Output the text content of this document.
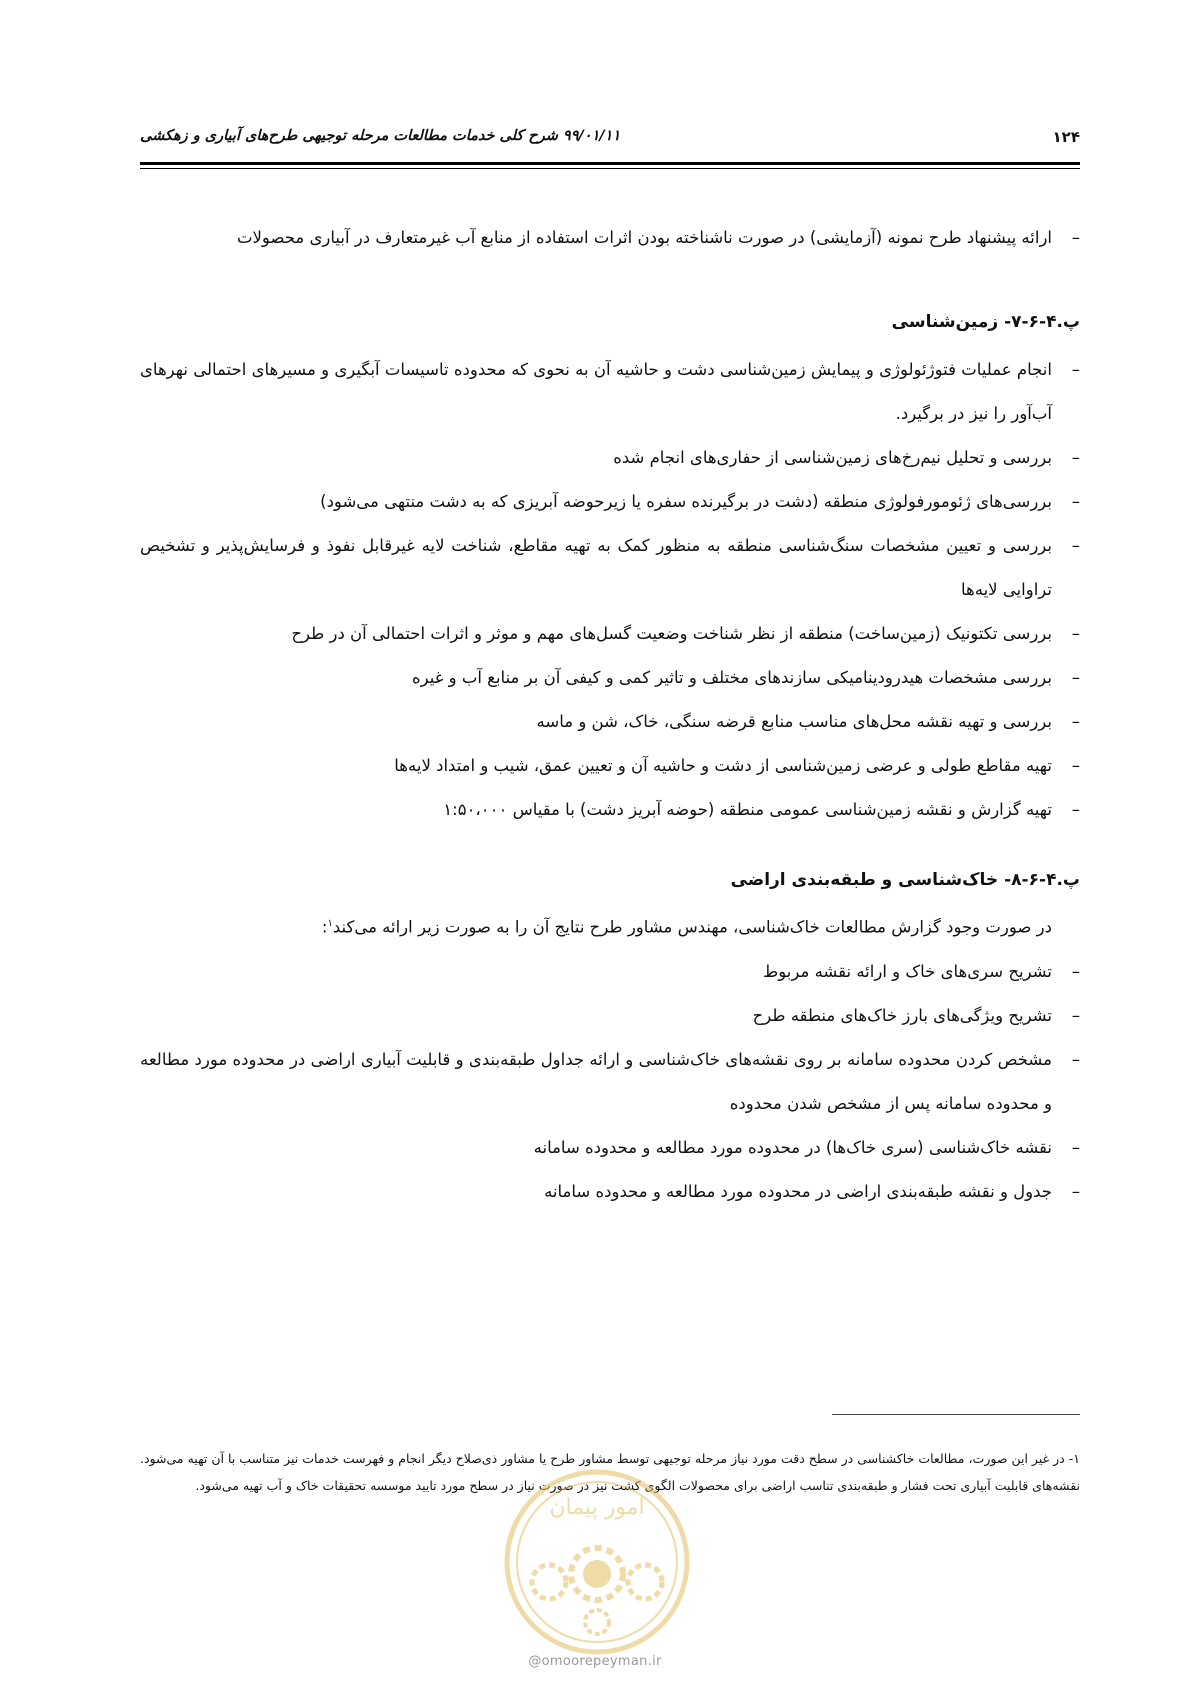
۱۲۴
۹۹/۰۱/۱۱ شرح کلی خدمات مطالعات مرحله توجیهی طرح‌های آبیاری و زهکشی
–
ارائه پیشنهاد طرح نمونه (آزمایشی) در صورت ناشناخته بودن اثرات استفاده از منابع آب غیرمتعارف در آبیاری محصولات

پ.۴-۶-۷- زمین‌شناسی

–
انجام عملیات فتوژئولوژی و پیمایش زمین‌شناسی دشت و حاشیه آن به نحوی که محدوده تاسیسات آبگیری و مسیرهای احتمالی نهرهای آب‌آور را نیز در برگیرد.
–
بررسی و تحلیل نیم‌رخ‌های زمین‌شناسی از حفاری‌های انجام شده
–
بررسی‌های ژئومورفولوژی منطقه (دشت در برگیرنده سفره یا زیرحوضه آبریزی که به دشت منتهی می‌شود)
–
بررسی و تعیین مشخصات سنگ‌شناسی منطقه به منظور کمک به تهیه مقاطع، شناخت لایه غیرقابل نفوذ و فرسایش‌پذیر و تشخیص تراوایی لایه‌ها
–
بررسی تکتونیک (زمین‌ساخت) منطقه از نظر شناخت وضعیت گسل‌های مهم و موثر و اثرات احتمالی آن در طرح
–
بررسی مشخصات هیدرودینامیکی سازندهای مختلف و تاثیر کمی و کیفی آن بر منابع آب و غیره
–
بررسی و تهیه نقشه محل‌های مناسب منابع قرضه سنگی، خاک، شن و ماسه
–
تهیه مقاطع طولی و عرضی زمین‌شناسی از دشت و حاشیه آن و تعیین عمق، شیب و امتداد لایه‌ها
–
تهیه گزارش و نقشه زمین‌شناسی عمومی منطقه (حوضه آبریز دشت) با مقیاس ۱:۵۰،۰۰۰

پ.۴-۶-۸- خاک‌شناسی و طبقه‌بندی اراضی

در صورت وجود گزارش مطالعات خاک‌شناسی، مهندس مشاور طرح نتایج آن را به صورت زیر ارائه می‌کند$^۱$:

–
تشریح سری‌های خاک و ارائه نقشه مربوط
–
تشریح ویژگی‌های بارز خاک‌های منطقه طرح
–
مشخص کردن محدوده سامانه بر روی نقشه‌های خاک‌شناسی و ارائه جداول طبقه‌بندی و قابلیت آبیاری اراضی در محدوده مورد مطالعه و محدوده سامانه پس از مشخص شدن محدوده
–
نقشه خاک‌شناسی (سری خاک‌ها) در محدوده مورد مطالعه و محدوده سامانه
–
جدول و نقشه طبقه‌بندی اراضی در محدوده مورد مطالعه و محدوده سامانه

۱- در غیر این صورت، مطالعات خاکشناسی در سطح دقت مورد نیاز مرحله توجیهی توسط مشاور طرح یا مشاور ذی‌صلاح دیگر انجام و فهرست خدمات نیز متناسب با آن تهیه می‌شود. نقشه‌های قابلیت آبیاری تحت فشار و طبقه‌بندی تناسب اراضی برای محصولات الگوی کشت نیز در صورت نیاز در سطح مورد تایید موسسه تحقیقات خاک و آب تهیه می‌شود.

امور پیمان
@omoorepeyman.ir
